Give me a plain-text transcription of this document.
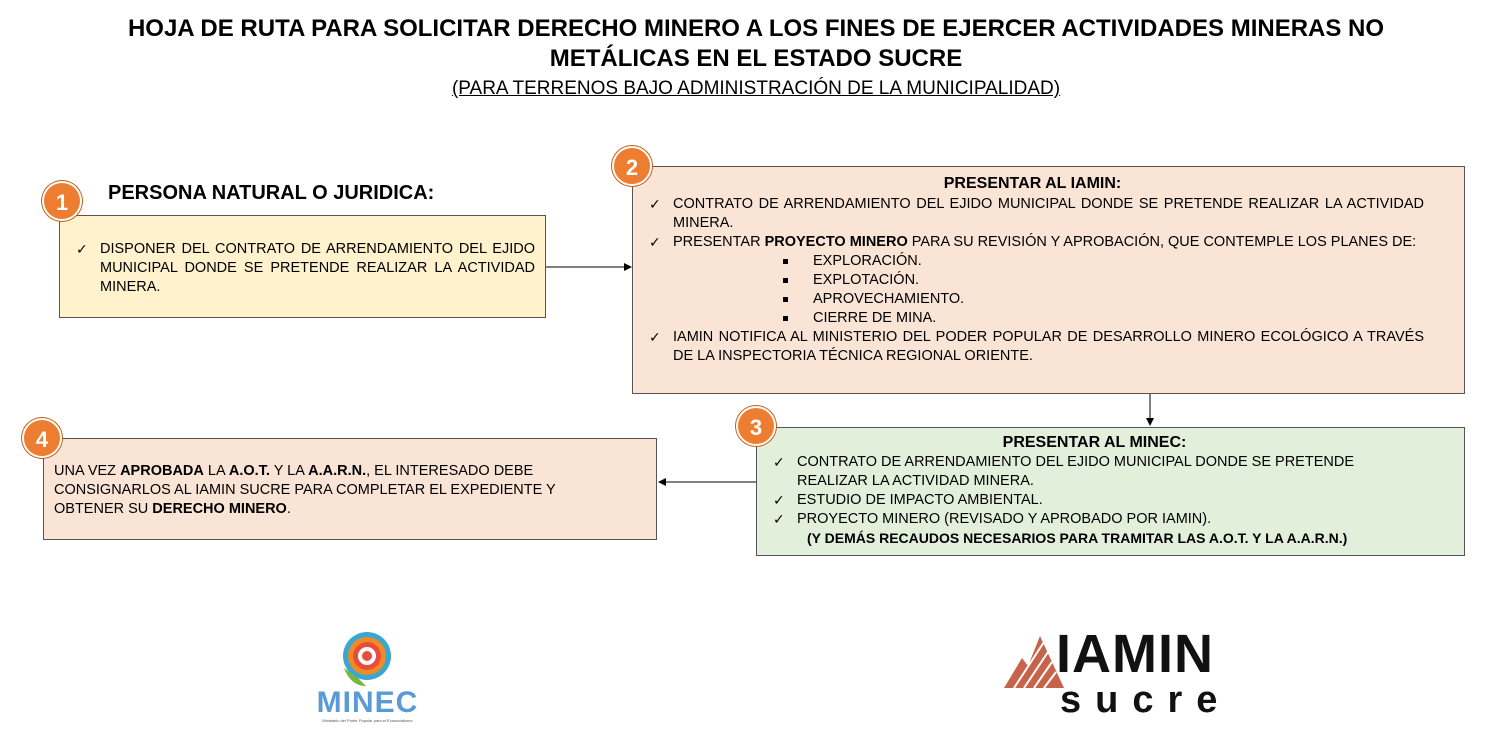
HOJA DE RUTA PARA SOLICITAR DERECHO MINERO A LOS FINES DE EJERCER ACTIVIDADES MINERAS NO
METÁLICAS EN EL ESTADO SUCRE
(PARA TERRENOS BAJO ADMINISTRACIÓN DE LA MUNICIPALIDAD)
1	PERSONA NATURAL O JURIDICA:
✓ DISPONER DEL CONTRATO DE ARRENDAMIENTO DEL EJIDO MUNICIPAL DONDE SE PRETENDE REALIZAR LA ACTIVIDAD MINERA.
2
PRESENTAR AL IAMIN:
✓ CONTRATO DE ARRENDAMIENTO DEL EJIDO MUNICIPAL DONDE SE PRETENDE REALIZAR LA ACTIVIDAD MINERA.
✓ PRESENTAR PROYECTO MINERO PARA SU REVISIÓN Y APROBACIÓN, QUE CONTEMPLE LOS PLANES DE:
EXPLORACIÓN.
EXPLOTACIÓN.
APROVECHAMIENTO.
CIERRE DE MINA.
✓ IAMIN NOTIFICA AL MINISTERIO DEL PODER POPULAR DE DESARROLLO MINERO ECOLÓGICO A TRAVÉS DE LA INSPECTORIA TÉCNICA REGIONAL ORIENTE.
3
PRESENTAR AL MINEC:
✓ CONTRATO DE ARRENDAMIENTO DEL EJIDO MUNICIPAL DONDE SE PRETENDE REALIZAR LA ACTIVIDAD MINERA.
✓ ESTUDIO DE IMPACTO AMBIENTAL.
✓ PROYECTO MINERO (REVISADO Y APROBADO POR IAMIN).
(Y DEMÁS RECAUDOS NECESARIOS PARA TRAMITAR LAS A.O.T. Y LA A.A.R.N.)
4
UNA VEZ APROBADA LA A.O.T. Y LA A.A.R.N., EL INTERESADO DEBE CONSIGNARLOS AL IAMIN SUCRE PARA COMPLETAR EL EXPEDIENTE Y OBTENER SU DERECHO MINERO.
MINEC
Ministerio del Poder Popular para el Ecosocialismo
IAMIN
sucre
